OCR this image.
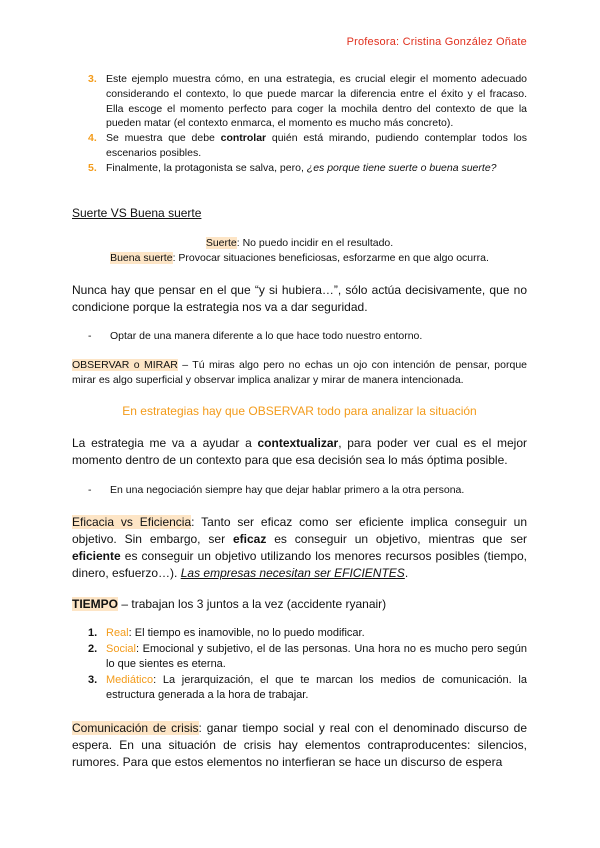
Profesora: Cristina González Oñate
3. Este ejemplo muestra cómo, en una estrategia, es crucial elegir el momento adecuado considerando el contexto, lo que puede marcar la diferencia entre el éxito y el fracaso. Ella escoge el momento perfecto para coger la mochila dentro del contexto de que la pueden matar (el contexto enmarca, el momento es mucho más concreto).
4. Se muestra que debe controlar quién está mirando, pudiendo contemplar todos los escenarios posibles.
5. Finalmente, la protagonista se salva, pero, ¿es porque tiene suerte o buena suerte?
Suerte VS Buena suerte
Suerte: No puedo incidir en el resultado.
Buena suerte: Provocar situaciones beneficiosas, esforzarme en que algo ocurra.
Nunca hay que pensar en el que “y si hubiera…”, sólo actúa decisivamente, que no condicione porque la estrategia nos va a dar seguridad.
- Optar de una manera diferente a lo que hace todo nuestro entorno.
OBSERVAR o MIRAR – Tú miras algo pero no echas un ojo con intención de pensar, porque mirar es algo superficial y observar implica analizar y mirar de manera intencionada.
En estrategias hay que OBSERVAR todo para analizar la situación
La estrategia me va a ayudar a contextualizar, para poder ver cual es el mejor momento dentro de un contexto para que esa decisión sea lo más óptima posible.
- En una negociación siempre hay que dejar hablar primero a la otra persona.
Eficacia vs Eficiencia: Tanto ser eficaz como ser eficiente implica conseguir un objetivo. Sin embargo, ser eficaz es conseguir un objetivo, mientras que ser eficiente es conseguir un objetivo utilizando los menores recursos posibles (tiempo, dinero, esfuerzo…). Las empresas necesitan ser EFICIENTES.
TIEMPO – trabajan los 3 juntos a la vez (accidente ryanair)
1. Real: El tiempo es inamovible, no lo puedo modificar.
2. Social: Emocional y subjetivo, el de las personas. Una hora no es mucho pero según lo que sientes es eterna.
3. Mediático: La jerarquización, el que te marcan los medios de comunicación. la estructura generada a la hora de trabajar.
Comunicación de crisis: ganar tiempo social y real con el denominado discurso de espera. En una situación de crisis hay elementos contraproducentes: silencios, rumores. Para que estos elementos no interfieran se hace un discurso de espera
